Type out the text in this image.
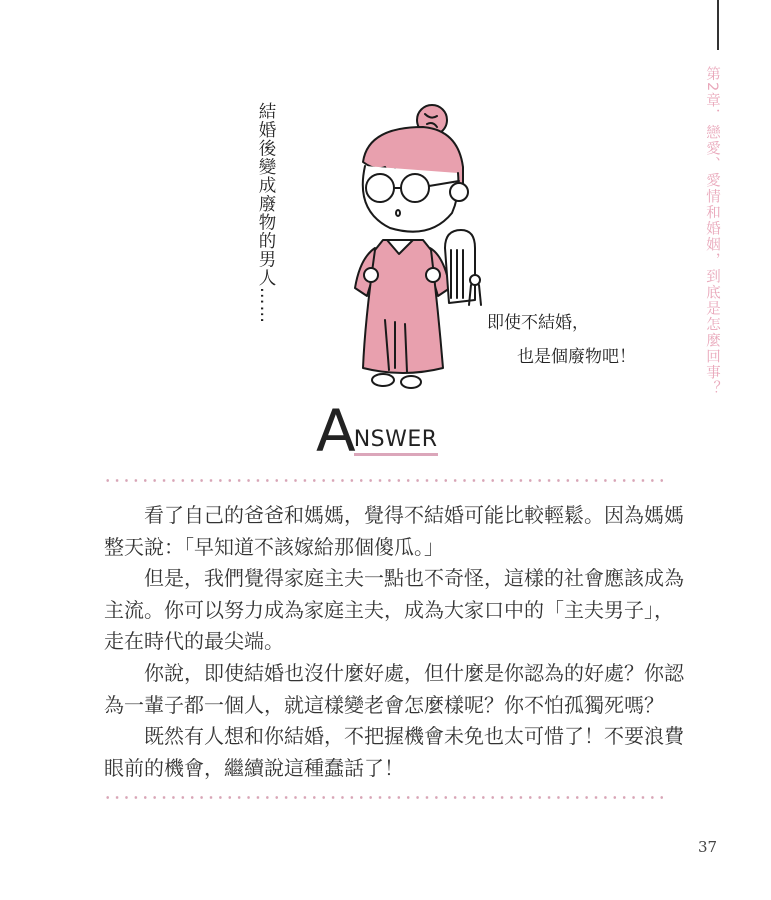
第2章．戀愛、愛情和婚姻，到底是怎麼回事？
結婚後變成廢物的男人……	即使不結婚，
也是個廢物吧！
ANSWER
　　看了自己的爸爸和媽媽，覺得不結婚可能比較輕鬆。因為媽媽
整天說：「早知道不該嫁給那個傻瓜。」
　　但是，我們覺得家庭主夫一點也不奇怪，這樣的社會應該成為
主流。你可以努力成為家庭主夫，成為大家口中的「主夫男子」，
走在時代的最尖端。
　　你說，即使結婚也沒什麼好處，但什麼是你認為的好處？你認
為一輩子都一個人，就這樣變老會怎麼樣呢？你不怕孤獨死嗎？
　　既然有人想和你結婚，不把握機會未免也太可惜了！不要浪費
眼前的機會，繼續說這種蠢話了！
37
